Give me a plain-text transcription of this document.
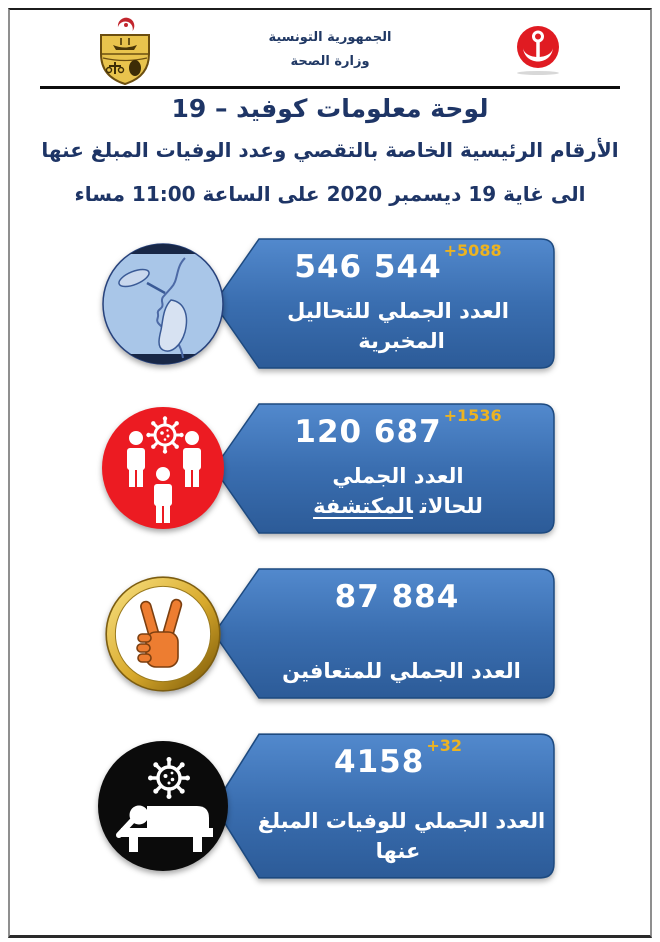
الجمهورية التونسية
وزارة الصحة
لوحة معلومات كوفيد – 19
الأرقام الرئيسية الخاصة بالتقصي وعدد الوفيات المبلغ عنها
الى غاية 19 ديسمبر 2020 على الساعة 11:00 مساء
546 544 $^{+5088}$
العدد الجملي للتحاليل المخبرية
120 687 $^{+1536}$
العدد الجملي للحالاتالمكتشفة
87 884
العدد الجملي للمتعافين
4158 $^{+32}$
العدد الجملي للوفيات المبلغ
عنها
